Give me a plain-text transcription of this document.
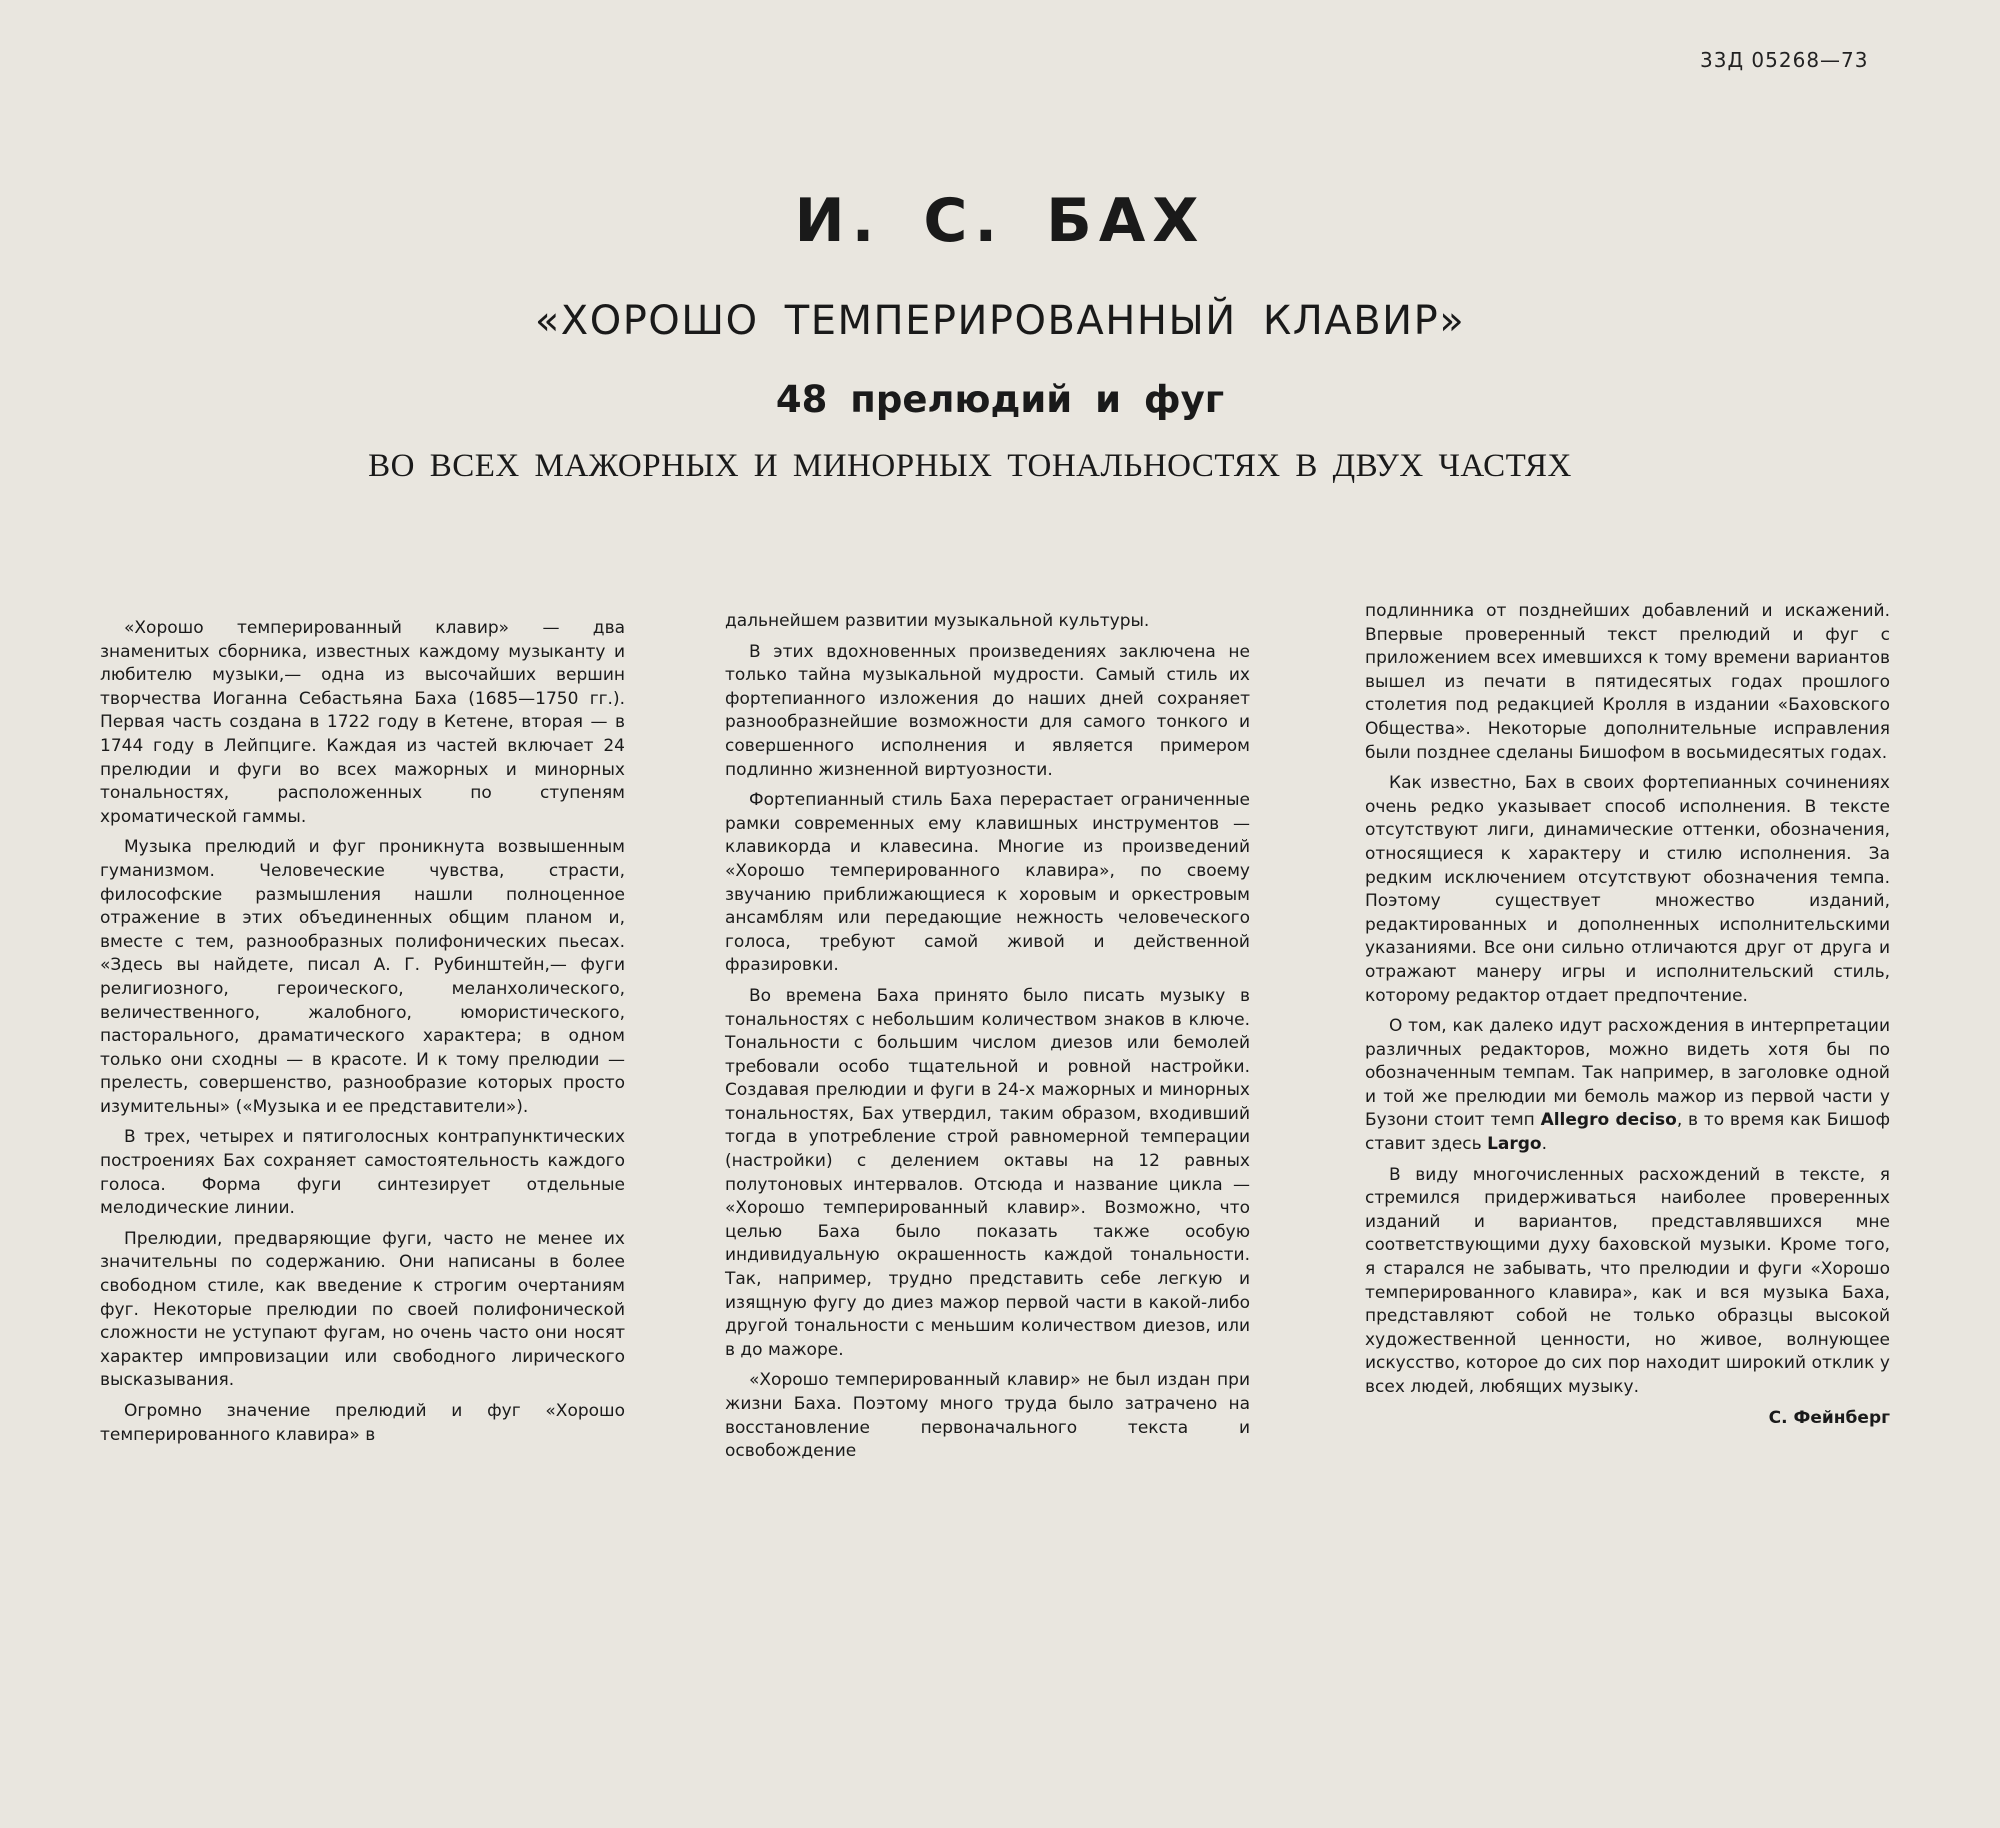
33Д 05268—73
И. С. БАХ
«ХОРОШО ТЕМПЕРИРОВАННЫЙ КЛАВИР»
48 прелюдий и фуг
ВО ВСЕХ МАЖОРНЫХ И МИНОРНЫХ ТОНАЛЬНОСТЯХ В ДВУХ ЧАСТЯХ

«Хорошо темперированный клавир» — два знаменитых сборника, известных каждому музыканту и любителю музыки,— одна из высочайших вершин творчества Иоганна Себастьяна Баха (1685—1750 гг.). Первая часть создана в 1722 году в Кетене, вторая — в 1744 году в Лейпциге. Каждая из частей включает 24 прелюдии и фуги во всех мажорных и минорных тональностях, расположенных по ступеням хроматической гаммы.

Музыка прелюдий и фуг проникнута возвышенным гуманизмом. Человеческие чувства, страсти, философские размышления нашли полноценное отражение в этих объединенных общим планом и, вместе с тем, разнообразных полифонических пьесах. «Здесь вы найдете, писал А. Г. Рубинштейн,— фуги религиозного, героического, меланхолического, величественного, жалобного, юмористического, пасторального, драматического характера; в одном только они сходны — в красоте. И к тому прелюдии — прелесть, совершенство, разнообразие которых просто изумительны» («Музыка и ее представители»).

В трех, четырех и пятиголосных контрапунктических построениях Бах сохраняет самостоятельность каждого голоса. Форма фуги синтезирует отдельные мелодические линии.

Прелюдии, предваряющие фуги, часто не менее их значительны по содержанию. Они написаны в более свободном стиле, как введение к строгим очертаниям фуг. Некоторые прелюдии по своей полифонической сложности не уступают фугам, но очень часто они носят характер импровизации или свободного лирического высказывания.

Огромно значение прелюдий и фуг «Хорошо темперированного клавира» в

дальнейшем развитии музыкальной культуры.

В этих вдохновенных произведениях заключена не только тайна музыкальной мудрости. Самый стиль их фортепианного изложения до наших дней сохраняет разнообразнейшие возможности для самого тонкого и совершенного исполнения и является примером подлинно жизненной виртуозности.

Фортепианный стиль Баха перерастает ограниченные рамки современных ему клавишных инструментов — клавикорда и клавесина. Многие из произведений «Хорошо темперированного клавира», по своему звучанию приближающиеся к хоровым и оркестровым ансамблям или передающие нежность человеческого голоса, требуют самой живой и действенной фразировки.

Во времена Баха принято было писать музыку в тональностях с небольшим количеством знаков в ключе. Тональности с большим числом диезов или бемолей требовали особо тщательной и ровной настройки. Создавая прелюдии и фуги в 24-х мажорных и минорных тональностях, Бах утвердил, таким образом, входивший тогда в употребление строй равномерной темперации (настройки) с делением октавы на 12 равных полутоновых интервалов. Отсюда и название цикла — «Хорошо темперированный клавир». Возможно, что целью Баха было показать также особую индивидуальную окрашенность каждой тональности. Так, например, трудно представить себе легкую и изящную фугу до диез мажор первой части в какой-либо другой тональности с меньшим количеством диезов, или в до мажоре.

«Хорошо темперированный клавир» не был издан при жизни Баха. Поэтому много труда было затрачено на восстановление первоначального текста и освобождение

подлинника от позднейших добавлений и искажений. Впервые проверенный текст прелюдий и фуг с приложением всех имевшихся к тому времени вариантов вышел из печати в пятидесятых годах прошлого столетия под редакцией Кролля в издании «Баховского Общества». Некоторые дополнительные исправления были позднее сделаны Бишофом в восьмидесятых годах.

Как известно, Бах в своих фортепианных сочинениях очень редко указывает способ исполнения. В тексте отсутствуют лиги, динамические оттенки, обозначения, относящиеся к характеру и стилю исполнения. За редким исключением отсутствуют обозначения темпа. Поэтому существует множество изданий, редактированных и дополненных исполнительскими указаниями. Все они сильно отличаются друг от друга и отражают манеру игры и исполнительский стиль, которому редактор отдает предпочтение.

О том, как далеко идут расхождения в интерпретации различных редакторов, можно видеть хотя бы по обозначенным темпам. Так например, в заголовке одной и той же прелюдии ми бемоль мажор из первой части у Бузони стоит темп Allegro deciso, в то время как Бишоф ставит здесь Largo.

В виду многочисленных расхождений в тексте, я стремился придерживаться наиболее проверенных изданий и вариантов, представлявшихся мне соответствующими духу баховской музыки. Кроме того, я старался не забывать, что прелюдии и фуги «Хорошо темперированного клавира», как и вся музыка Баха, представляют собой не только образцы высокой художественной ценности, но живое, волнующее искусство, которое до сих пор находит широкий отклик у всех людей, любящих музыку.

С. Фейнберг
